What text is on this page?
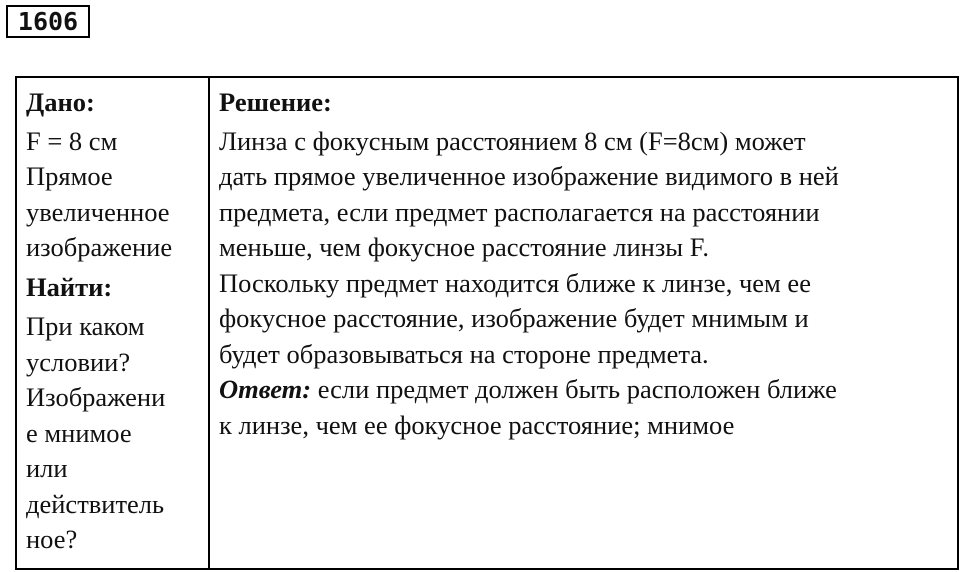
1606
Дано:
F = 8 см
Прямое
увеличенное
изображение
Найти:
При каком
условии?
Изображени
е мнимое
или
действитель
ное?
Решение:
Линза с фокусным расстоянием 8 см (F=8см) может
дать прямое увеличенное изображение видимого в ней
предмета, если предмет располагается на расстоянии
меньше, чем фокусное расстояние линзы F.
Поскольку предмет находится ближе к линзе, чем ее
фокусное расстояние, изображение будет мнимым и
будет образовываться на стороне предмета.
Ответ: если предмет должен быть расположен ближе
к линзе, чем ее фокусное расстояние; мнимое
